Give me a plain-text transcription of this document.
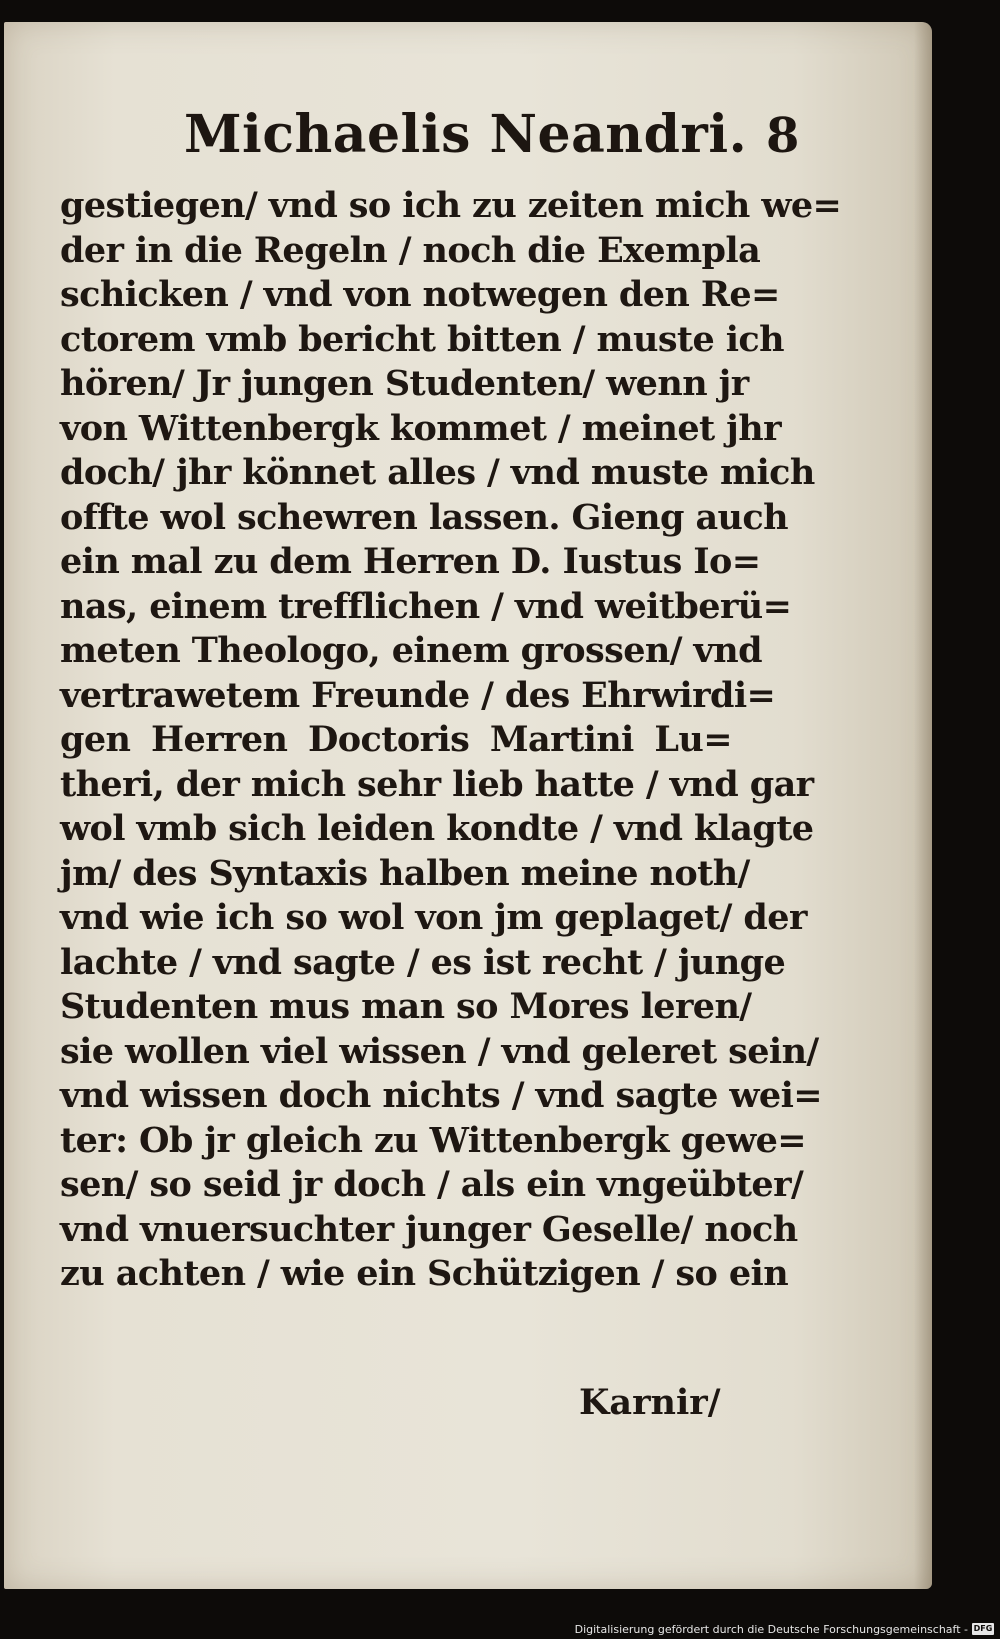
Michaelis Neandri. 8
gestiegen/ vnd so ich zu zeiten mich we=
der in die Regeln / noch die Exempla
schicken / vnd von notwegen den Re=
ctorem vmb bericht bitten / muste ich
hören/ Jr jungen Studenten/ wenn jr
von Wittenbergk kommet / meinet jhr
doch/ jhr könnet alles / vnd muste mich
offte wol schewren lassen. Gieng auch
ein mal zu dem Herren D. Iustus Io=
nas, einem trefflichen / vnd weitberü=
meten Theologo, einem grossen/ vnd
vertrawetem Freunde / des Ehrwirdi=
gen Herren Doctoris Martini Lu=
theri, der mich sehr lieb hatte / vnd gar
wol vmb sich leiden kondte / vnd klagte
jm/ des Syntaxis halben meine noth/
vnd wie ich so wol von jm geplaget/ der
lachte / vnd sagte / es ist recht / junge
Studenten mus man so Mores leren/
sie wollen viel wissen / vnd geleret sein/
vnd wissen doch nichts / vnd sagte wei=
ter: Ob jr gleich zu Wittenbergk gewe=
sen/ so seid jr doch / als ein vngeübter/
vnd vnuersuchter junger Geselle/ noch
zu achten / wie ein Schützigen / so ein
Karnir/
Digitalisierung gefördert durch die Deutsche Forschungsgemeinschaft - DFG
